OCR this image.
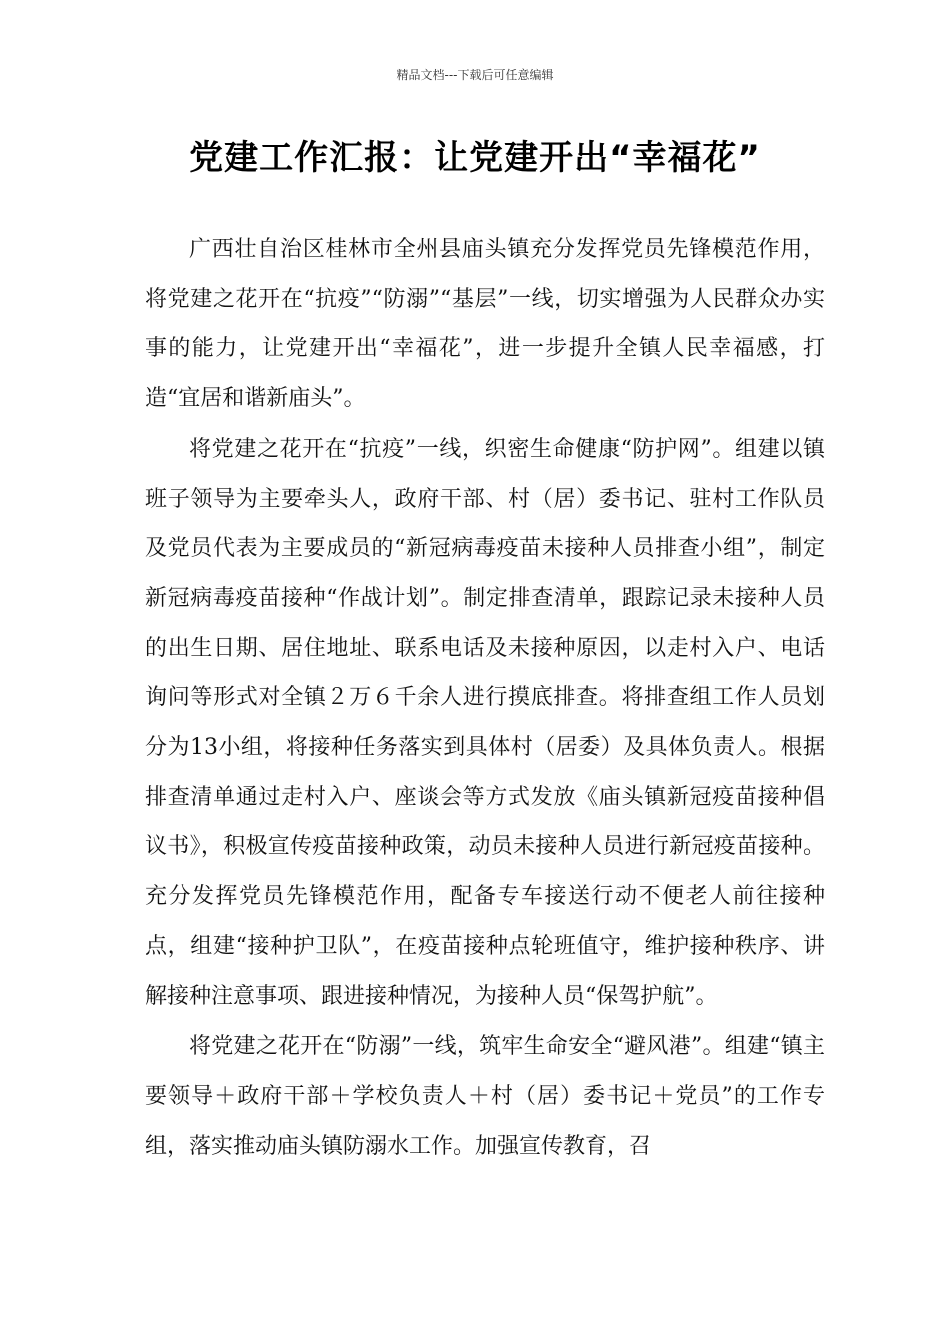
精品文档---下载后可任意编辑
党建工作汇报：让党建开出“幸福花”

广西壮自治区桂林市全州县庙头镇充分发挥党员先锋模范作用，将党建之花开在“抗疫”“防溺”“基层”一线，切实增强为人民群众办实事的能力，让党建开出“幸福花”，进一步提升全镇人民幸福感，打造“宜居和谐新庙头”。

将党建之花开在“抗疫”一线，织密生命健康“防护网”。组建以镇班子领导为主要牵头人，政府干部、村（居）委书记、驻村工作队员及党员代表为主要成员的“新冠病毒疫苗未接种人员排查小组”，制定新冠病毒疫苗接种“作战计划”。制定排查清单，跟踪记录未接种人员的出生日期、居住地址、联系电话及未接种原因，以走村入户、电话询问等形式对全镇２万６千余人进行摸底排查。将排查组工作人员划分为13小组，将接种任务落实到具体村（居委）及具体负责人。根据排查清单通过走村入户、座谈会等方式发放《庙头镇新冠疫苗接种倡议书》，积极宣传疫苗接种政策，动员未接种人员进行新冠疫苗接种。充分发挥党员先锋模范作用，配备专车接送行动不便老人前往接种点，组建“接种护卫队”，在疫苗接种点轮班值守，维护接种秩序、讲解接种注意事项、跟进接种情况，为接种人员“保驾护航”。

将党建之花开在“防溺”一线，筑牢生命安全“避风港”。组建“镇主要领导＋政府干部＋学校负责人＋村（居）委书记＋党员”的工作专组，落实推动庙头镇防溺水工作。加强宣传教育，召
